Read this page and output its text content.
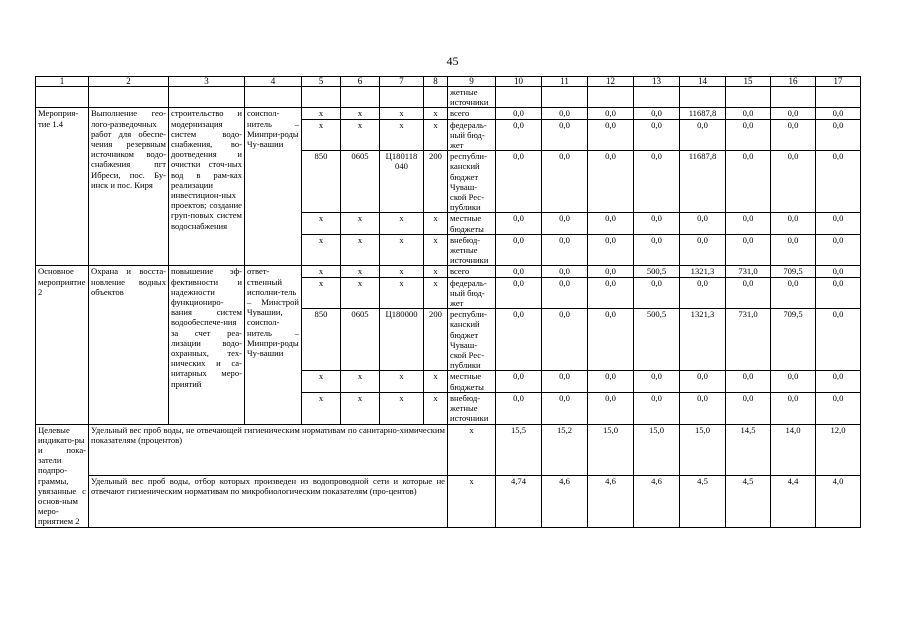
45
1	2	3	4	5	6	7	8	9	10	11	12	13	14	15	16	17
								жетные источники								
Мероприя-тие 1.4	Выполнение гео-лого-разведочных работ для обеспе-чения резервным источником водо-снабжения пгт Ибреси, пос. Бу-инск и пос. Киря	строительство и модернизация систем водо-снабжения, во-доотведения и очистки сточ-ных вод в рам-ках реализации инвестицион-ных проектов; создание груп-повых систем водоснабжения	соиспол-нитель – Минпри-роды Чу-вашии	x	x	x	x	всего	0,0	0,0	0,0	0,0	11687,8	0,0	0,0	0,0
				x	x	x	x	федераль-ный бюд-жет	0,0	0,0	0,0	0,0	0,0	0,0	0,0	0,0
				850	0605	Ц180118 040	200	республи-канский бюджет Чуваш-ской Рес-публики	0,0	0,0	0,0	0,0	11687,8	0,0	0,0	0,0
				x	x	x	x	местные бюджеты	0,0	0,0	0,0	0,0	0,0	0,0	0,0	0,0
				x	x	x	x	внебюд-жетные источники	0,0	0,0	0,0	0,0	0,0	0,0	0,0	0,0
Основное мероприятие 2	Охрана и восста-новление водных объектов	повышение эф-фективности и надежности функциониро-вания систем водообеспече-ния за счет реа-лизации водо-охранных, тех-нических и са-нитарных меро-приятий	ответ-ственный исполни-тель – Минстрой Чувашии, соиспол-нитель – Минпри-роды Чу-вашии	x	x	x	x	всего	0,0	0,0	0,0	500,5	1321,3	731,0	709,5	0,0
				x	x	x	x	федераль-ный бюд-жет	0,0	0,0	0,0	0,0	0,0	0,0	0,0	0,0
				850	0605	Ц180000	200	республи-канский бюджет Чуваш-ской Рес-публики	0,0	0,0	0,0	500,5	1321,3	731,0	709,5	0,0
				x	x	x	x	местные бюджеты	0,0	0,0	0,0	0,0	0,0	0,0	0,0	0,0
				x	x	x	x	внебюд-жетные источники	0,0	0,0	0,0	0,0	0,0	0,0	0,0	0,0
Целевые индикато-ры и пока-затели подпро-граммы, увязанные с основ-ным меро-приятием 2	Удельный вес проб воды, не отвечающей гигиеническим нормативам по санитарно-химическим показателям (процентов)							x	15,5	15,2	15,0	15,0	15,0	14,5	14,0	12,0
	Удельный вес проб воды, отбор которых произведен из водопроводной сети и которые не отвечают гигиеническим нормативам по микробиологическим показателям (про-центов)							x	4,74	4,6	4,6	4,6	4,5	4,5	4,4	4,0
